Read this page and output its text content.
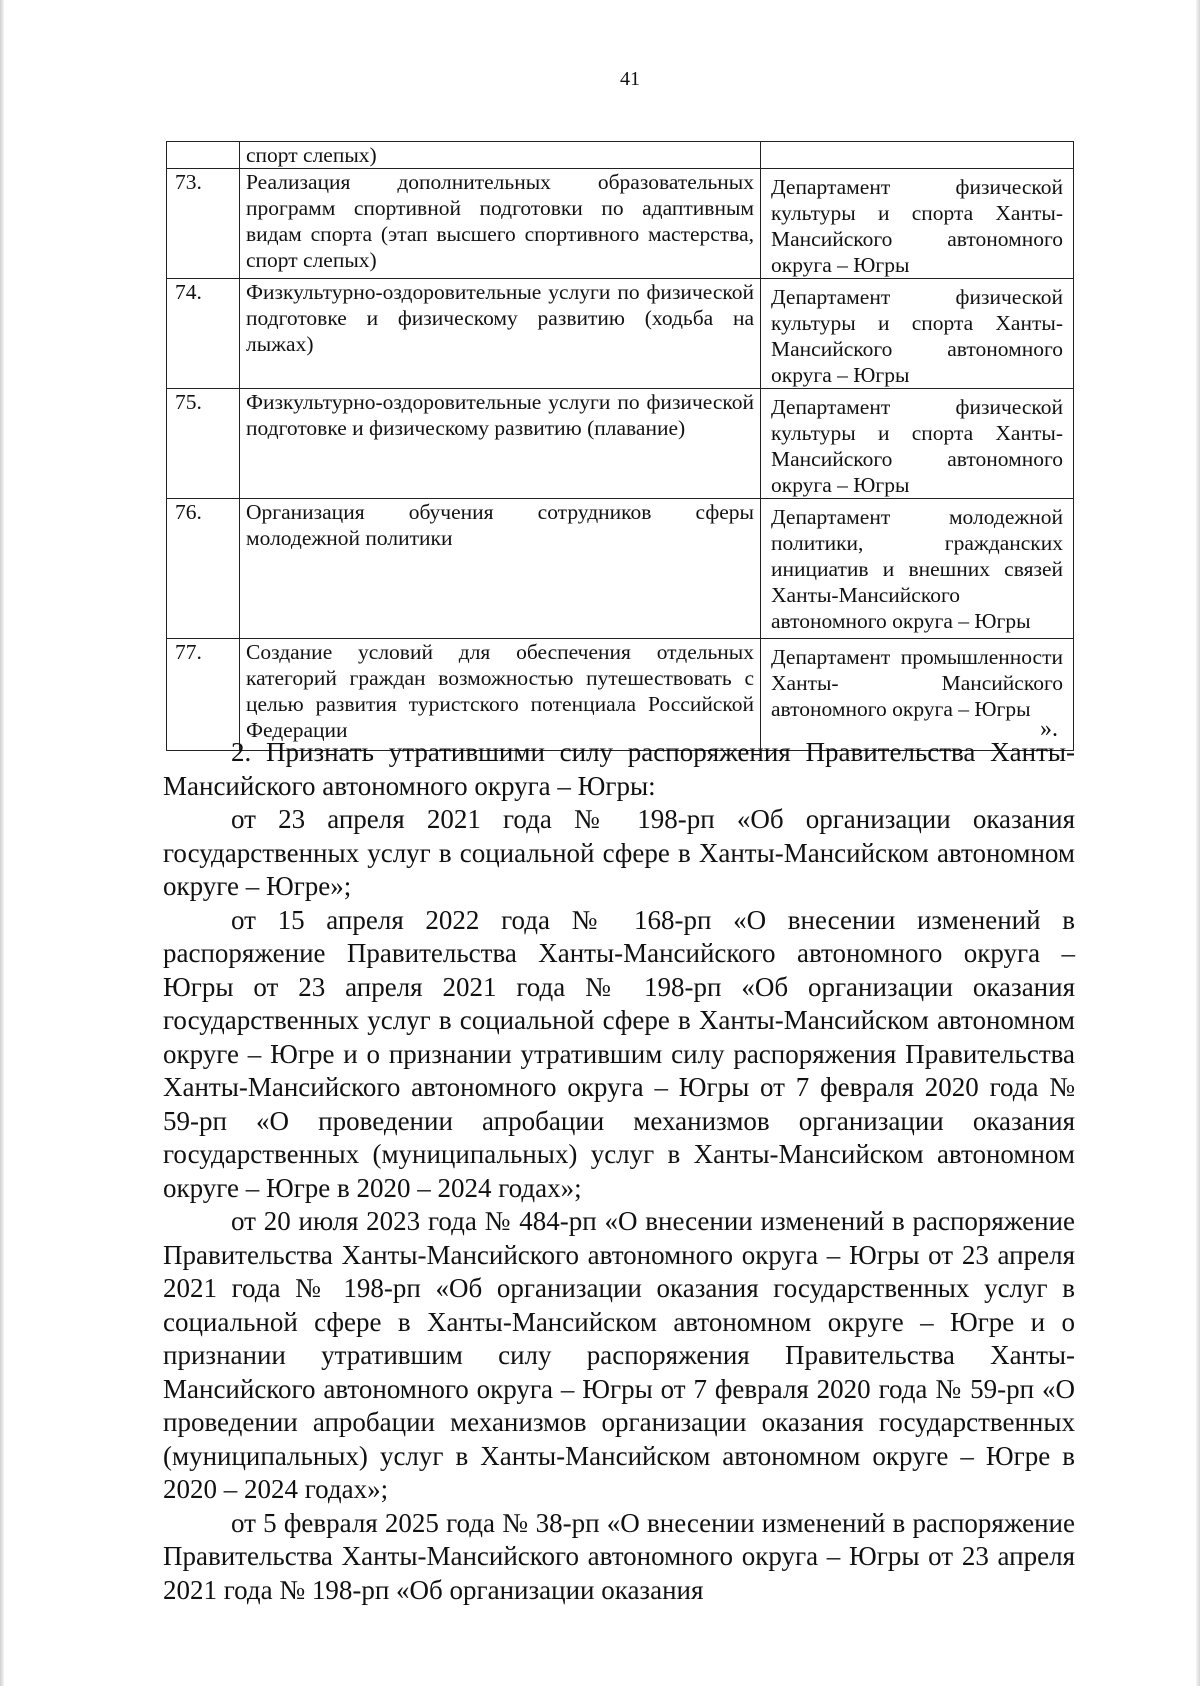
41
	спорт слепых)	
73.	Реализация дополнительных образовательных программ спортивной подготовки по адаптивным видам спорта (этап высшего спортивного мастерства, спорт слепых)	Департамент физической культуры и спорта Ханты- Мансийского автономного округа – Югры
74.	Физкультурно-оздоровительные услуги по физической подготовке и физическому развитию (ходьба на лыжах)	Департамент физической культуры и спорта Ханты- Мансийского автономного округа – Югры
75.	Физкультурно-оздоровительные услуги по физической подготовке и физическому развитию (плавание)	Департамент физической культуры и спорта Ханты- Мансийского автономного округа – Югры
76.	Организация обучения сотрудников сферы молодежной политики	Департамент молодежной политики, гражданских инициатив и внешних связей Ханты-Мансийского автономного округа – Югры
77.	Создание условий для обеспечения отдельных категорий граждан возможностью путешествовать с целью развития туристского потенциала Российской Федерации	Департамент промышленности Ханты- Мансийского автономного округа – Югры
».

2. Признать утратившими силу распоряжения Правительства Ханты-Мансийского автономного округа – Югры:

от 23 апреля 2021 года № 198-рп «Об организации оказания государственных услуг в социальной сфере в Ханты-Мансийском автономном округе – Югре»;

от 15 апреля 2022 года № 168-рп «О внесении изменений в распоряжение Правительства Ханты-Мансийского автономного округа – Югры от 23 апреля 2021 года № 198-рп «Об организации оказания государственных услуг в социальной сфере в Ханты-Мансийском автономном округе – Югре и о признании утратившим силу распоряжения Правительства Ханты-Мансийского автономного округа – Югры от 7 февраля 2020 года № 59-рп «О проведении апробации механизмов организации оказания государственных (муниципальных) услуг в Ханты-Мансийском автономном округе – Югре в 2020 – 2024 годах»;

от 20 июля 2023 года № 484-рп «О внесении изменений в распоряжение Правительства Ханты-Мансийского автономного округа – Югры от 23 апреля 2021 года № 198-рп «Об организации оказания государственных услуг в социальной сфере в Ханты-Мансийском автономном округе – Югре и о признании утратившим силу распоряжения Правительства Ханты-Мансийского автономного округа – Югры от 7 февраля 2020 года № 59-рп «О проведении апробации механизмов организации оказания государственных (муниципальных) услуг в Ханты-Мансийском автономном округе – Югре в 2020 – 2024 годах»;

от 5 февраля 2025 года № 38-рп «О внесении изменений в распоряжение Правительства Ханты-Мансийского автономного округа – Югры от 23 апреля 2021 года № 198-рп «Об организации оказания
